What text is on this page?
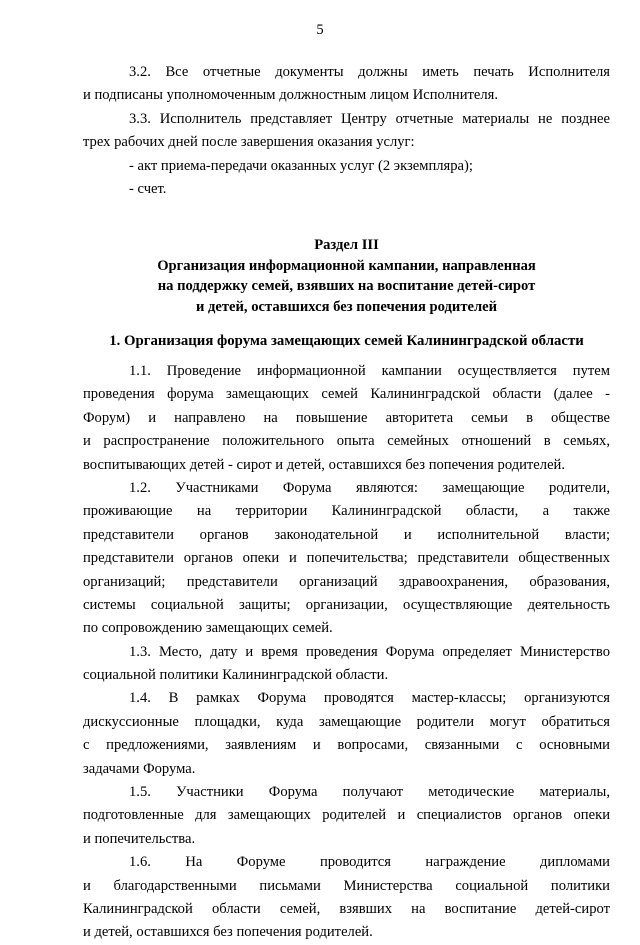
5
3.2. Все отчетные документы должны иметь печать Исполнителя
и подписаны уполномоченным должностным лицом Исполнителя.
3.3. Исполнитель представляет Центру отчетные материалы не позднее
трех рабочих дней после завершения оказания услуг:
- акт приема-передачи оказанных услуг (2 экземпляра);
- счет.
Раздел III
Организация информационной кампании, направленная
на поддержку семей, взявших на воспитание детей-сирот
и детей, оставшихся без попечения родителей
1. Организация форума замещающих семей Калининградской области
1.1. Проведение информационной кампании осуществляется путем
проведения форума замещающих семей Калининградской области (далее -
Форум) и направлено на повышение авторитета семьи в обществе
и распространение положительного опыта семейных отношений в семьях,
воспитывающих детей - сирот и детей, оставшихся без попечения родителей.
1.2. Участниками Форума являются: замещающие родители,
проживающие на территории Калининградской области, а также
представители органов законодательной и исполнительной власти;
представители органов опеки и попечительства; представители общественных
организаций; представители организаций здравоохранения, образования,
системы социальной защиты; организации, осуществляющие деятельность
по сопровождению замещающих семей.
1.3. Место, дату и время проведения Форума определяет Министерство
социальной политики Калининградской области.
1.4. В рамках Форума проводятся мастер-классы; организуются
дискуссионные площадки, куда замещающие родители могут обратиться
с предложениями, заявлениям и вопросами, связанными с основными
задачами Форума.
1.5. Участники Форума получают методические материалы,
подготовленные для замещающих родителей и специалистов органов опеки
и попечительства.
1.6. На Форуме проводится награждение дипломами
и благодарственными письмами Министерства социальной политики
Калининградской области семей, взявших на воспитание детей-сирот
и детей, оставшихся без попечения родителей.
